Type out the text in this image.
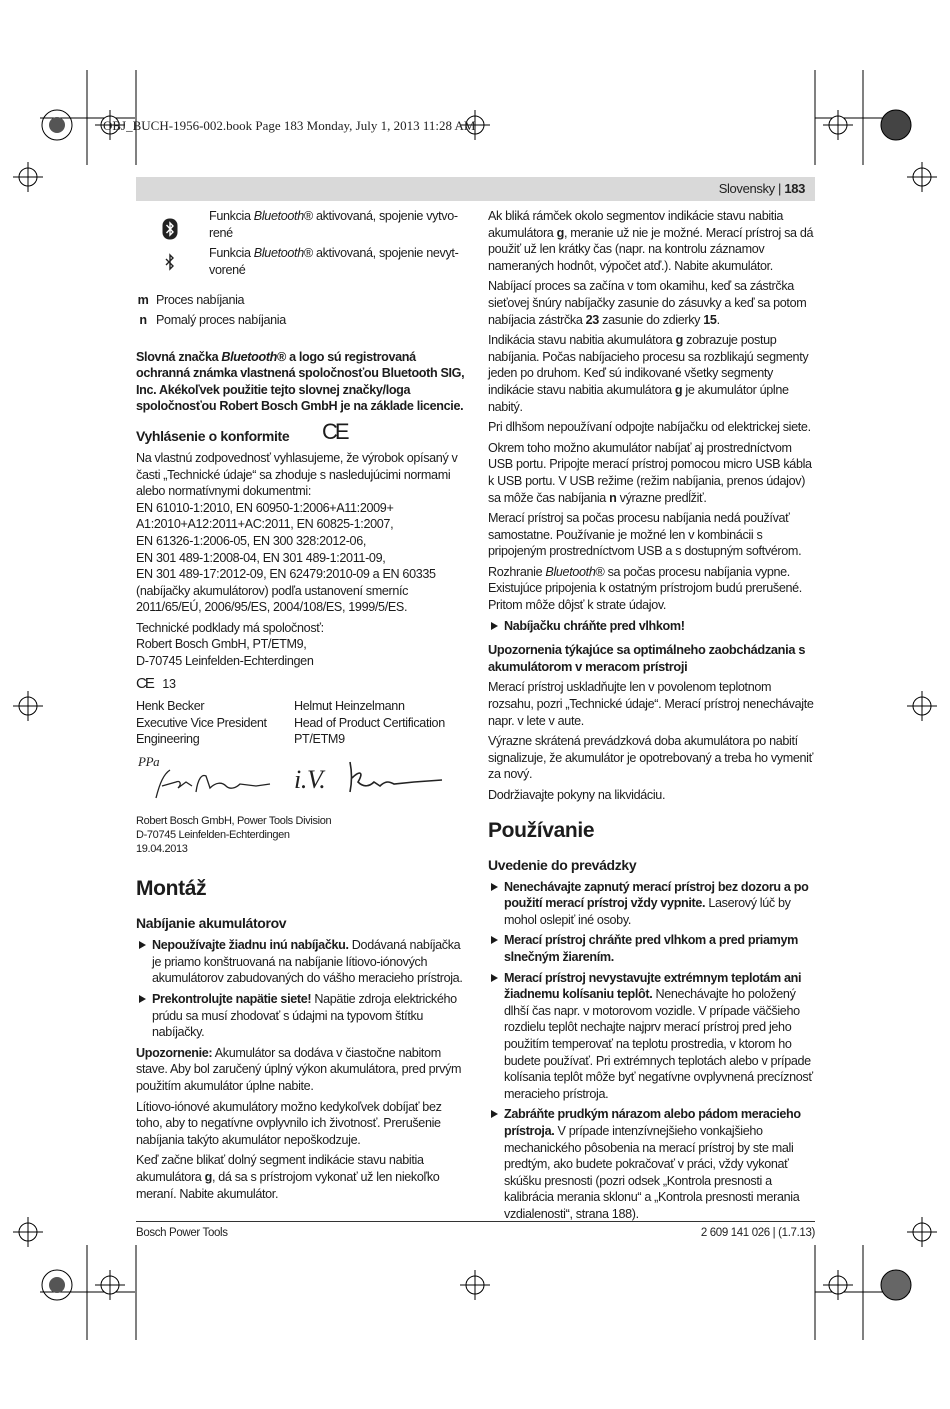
OBJ_BUCH-1956-002.book Page 183 Monday, July 1, 2013 11:28 AM
Slovensky | 183
Funkcia Bluetooth® aktivovaná, spojenie vytvo-rené
Funkcia Bluetooth® aktivovaná, spojenie nevyt-vorené
m Proces nabíjania
n Pomalý proces nabíjania

Slovná značka Bluetooth® a logo sú registrovaná ochranná známka vlastnená spoločnosťou Bluetooth SIG, Inc. Akékoľvek použitie tejto slovnej značky/loga spoločnosťou Robert Bosch GmbH je na základe licencie.

Vyhlásenie o konformite CE

Na vlastnú zodpovednosť vyhlasujeme, že výrobok opísaný v časti „Technické údaje“ sa zhoduje s nasledujúcimi normami alebo normatívnymi dokumentmi:

EN 61010-1:2010, EN 60950-1:2006+A11:2009+
A1:2010+A12:2011+AC:2011, EN 60825-1:2007,
EN 61326-1:2006-05, EN 300 328:2012-06,
EN 301 489-1:2008-04, EN 301 489-1:2011-09,
EN 301 489-17:2012-09, EN 62479:2010-09 a EN 60335
(nabíjačky akumulátorov) podľa ustanovení smerníc
2011/65/EÚ, 2006/95/ES, 2004/108/ES, 1999/5/ES.
Technické podklady má spoločnosť:
Robert Bosch GmbH, PT/ETM9,
D-70745 Leinfelden-Echterdingen
CE 13
Henk Becker
Executive Vice President
Engineering
Helmut Heinzelmann
Head of Product Certification
PT/ETM9
PPa
i.V.
Robert Bosch GmbH, Power Tools Division
D-70745 Leinfelden-Echterdingen
19.04.2013
Montáž
Nabíjanie akumulátorov
Nepoužívajte žiadnu inú nabíjačku. Dodávaná nabíjačka je priamo konštruovaná na nabíjanie lítiovo-iónových akumulátorov zabudovaných do vášho meracieho prístroja.
Prekontrolujte napätie siete! Napätie zdroja elektrického prúdu sa musí zhodovať s údajmi na typovom štítku nabíjačky.

Upozornenie: Akumulátor sa dodáva v čiastočne nabitom stave. Aby bol zaručený úplný výkon akumulátora, pred prvým použitím akumulátor úplne nabite.

Lítiovo-iónové akumulátory možno kedykoľvek dobíjať bez toho, aby to negatívne ovplyvnilo ich životnosť. Prerušenie nabíjania takýto akumulátor nepoškodzuje.

Keď začne blikať dolný segment indikácie stavu nabitia akumulátora g, dá sa s prístrojom vykonať už len niekoľko meraní. Nabite akumulátor.

Ak bliká rámček okolo segmentov indikácie stavu nabitia akumulátora g, meranie už nie je možné. Merací prístroj sa dá použiť už len krátky čas (napr. na kontrolu záznamov nameraných hodnôt, výpočet atď.). Nabite akumulátor.

Nabíjací proces sa začína v tom okamihu, keď sa zástrčka sieťovej šnúry nabíjačky zasunie do zásuvky a keď sa potom nabíjacia zástrčka 23 zasunie do zdierky 15.

Indikácia stavu nabitia akumulátora g zobrazuje postup nabíjania. Počas nabíjacieho procesu sa rozblikajú segmenty jeden po druhom. Keď sú indikované všetky segmenty indikácie stavu nabitia akumulátora g je akumulátor úplne nabitý.

Pri dlhšom nepoužívaní odpojte nabíjačku od elektrickej siete.

Okrem toho možno akumulátor nabíjať aj prostredníctvom USB portu. Pripojte merací prístroj pomocou micro USB kábla k USB portu. V USB režime (režim nabíjania, prenos údajov) sa môže čas nabíjania n výrazne predĺžiť.

Merací prístroj sa počas procesu nabíjania nedá používať samostatne. Používanie je možné len v kombinácii s pripojeným prostredníctvom USB a s dostupným softvérom.

Rozhranie Bluetooth® sa počas procesu nabíjania vypne. Existujúce pripojenia k ostatným prístrojom budú prerušené. Pritom môže dôjsť k strate údajov.

Nabíjačku chráňte pred vlhkom!
Upozornenia týkajúce sa optimálneho zaobchádzania s akumulátorom v meracom prístroji

Merací prístroj uskladňujte len v povolenom teplotnom rozsahu, pozri „Technické údaje“. Merací prístroj nenechávajte napr. v lete v aute.

Výrazne skrátená prevádzková doba akumulátora po nabití signalizuje, že akumulátor je opotrebovaný a treba ho vymeniť za nový.

Dodržiavajte pokyny na likvidáciu.

Používanie
Uvedenie do prevádzky
Nenechávajte zapnutý merací prístroj bez dozoru a po použití merací prístroj vždy vypnite. Laserový lúč by mohol oslepiť iné osoby.
Merací prístroj chráňte pred vlhkom a pred priamym slnečným žiarením.
Merací prístroj nevystavujte extrémnym teplotám ani žiadnemu kolísaniu teplôt. Nenechávajte ho položený dlhší čas napr. v motorovom vozidle. V prípade väčšieho rozdielu teplôt nechajte najprv merací prístroj pred jeho použitím temperovať na teplotu prostredia, v ktorom ho budete používať. Pri extrémnych teplotách alebo v prípade kolísania teplôt môže byť negatívne ovplyvnená precíznosť meracieho prístroja.
Zabráňte prudkým nárazom alebo pádom meracieho prístroja. V prípade intenzívnejšieho vonkajšieho mechanického pôsobenia na merací prístroj by ste mali predtým, ako budete pokračovať v práci, vždy vykonať skúšku presnosti (pozri odsek „Kontrola presnosti a kalibrácia merania sklonu“ a „Kontrola presnosti merania vzdialenosti“, strana 188).
Bosch Power Tools	2 609 141 026 | (1.7.13)
